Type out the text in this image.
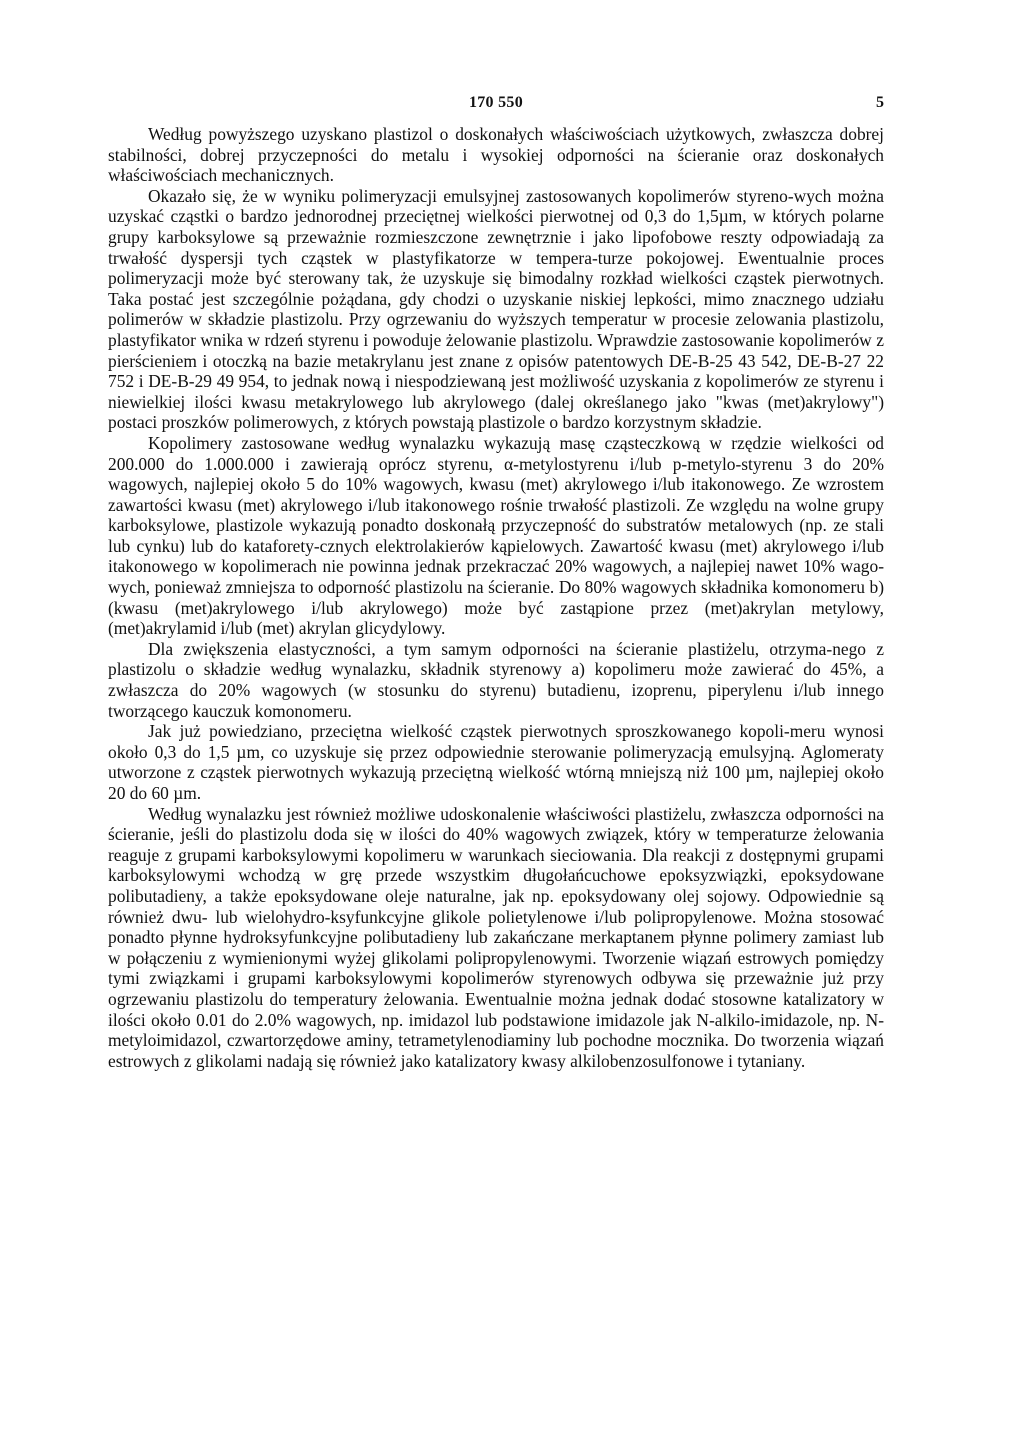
170 550	5

Według powyższego uzyskano plastizol o doskonałych właściwościach użytkowych, zwłaszcza dobrej stabilności, dobrej przyczepności do metalu i wysokiej odporności na ścieranie oraz doskonałych właściwościach mechanicznych.

Okazało się, że w wyniku polimeryzacji emulsyjnej zastosowanych kopolimerów styreno-wych można uzyskać cząstki o bardzo jednorodnej przeciętnej wielkości pierwotnej od 0,3 do 1,5µm, w których polarne grupy karboksylowe są przeważnie rozmieszczone zewnętrznie i jako lipofobowe reszty odpowiadają za trwałość dyspersji tych cząstek w plastyfikatorze w tempera-turze pokojowej. Ewentualnie proces polimeryzacji może być sterowany tak, że uzyskuje się bimodalny rozkład wielkości cząstek pierwotnych. Taka postać jest szczególnie pożądana, gdy chodzi o uzyskanie niskiej lepkości, mimo znacznego udziału polimerów w składzie plastizolu. Przy ogrzewaniu do wyższych temperatur w procesie zelowania plastizolu, plastyfikator wnika w rdzeń styrenu i powoduje żelowanie plastizolu. Wprawdzie zastosowanie kopolimerów z pierścieniem i otoczką na bazie metakrylanu jest znane z opisów patentowych DE-B-25 43 542, DE-B-27 22 752 i DE-B-29 49 954, to jednak nową i niespodziewaną jest możliwość uzyskania z kopolimerów ze styrenu i niewielkiej ilości kwasu metakrylowego lub akrylowego (dalej określanego jako "kwas (met)akrylowy") postaci proszków polimerowych, z których powstają plastizole o bardzo korzystnym składzie.

Kopolimery zastosowane według wynalazku wykazują masę cząsteczkową w rzędzie wielkości od 200.000 do 1.000.000 i zawierają oprócz styrenu, α-metylostyrenu i/lub p-metylo-styrenu 3 do 20% wagowych, najlepiej około 5 do 10% wagowych, kwasu (met) akrylowego i/lub itakonowego. Ze wzrostem zawartości kwasu (met) akrylowego i/lub itakonowego rośnie trwałość plastizoli. Ze względu na wolne grupy karboksylowe, plastizole wykazują ponadto doskonałą przyczepność do substratów metalowych (np. ze stali lub cynku) lub do kataforety-cznych elektrolakierów kąpielowych. Zawartość kwasu (met) akrylowego i/lub itakonowego w kopolimerach nie powinna jednak przekraczać 20% wagowych, a najlepiej nawet 10% wago-wych, ponieważ zmniejsza to odporność plastizolu na ścieranie. Do 80% wagowych składnika komonomeru b) (kwasu (met)akrylowego i/lub akrylowego) może być zastąpione przez (met)akrylan metylowy, (met)akrylamid i/lub (met) akrylan glicydylowy.

Dla zwiększenia elastyczności, a tym samym odporności na ścieranie plastiżelu, otrzyma-nego z plastizolu o składzie według wynalazku, składnik styrenowy a) kopolimeru może zawierać do 45%, a zwłaszcza do 20% wagowych (w stosunku do styrenu) butadienu, izoprenu, piperylenu i/lub innego tworzącego kauczuk komonomeru.

Jak już powiedziano, przeciętna wielkość cząstek pierwotnych sproszkowanego kopoli-meru wynosi około 0,3 do 1,5 µm, co uzyskuje się przez odpowiednie sterowanie polimeryzacją emulsyjną. Aglomeraty utworzone z cząstek pierwotnych wykazują przeciętną wielkość wtórną mniejszą niż 100 µm, najlepiej około 20 do 60 µm.

Według wynalazku jest również możliwe udoskonalenie właściwości plastiżelu, zwłaszcza odporności na ścieranie, jeśli do plastizolu doda się w ilości do 40% wagowych związek, który w temperaturze żelowania reaguje z grupami karboksylowymi kopolimeru w warunkach sieciowania. Dla reakcji z dostępnymi grupami karboksylowymi wchodzą w grę przede wszystkim długołańcuchowe epoksyzwiązki, epoksydowane polibutadieny, a także epoksydowane oleje naturalne, jak np. epoksydowany olej sojowy. Odpowiednie są również dwu- lub wielohydro-ksyfunkcyjne glikole polietylenowe i/lub polipropylenowe. Można stosować ponadto płynne hydroksyfunkcyjne polibutadieny lub zakańczane merkaptanem płynne polimery zamiast lub w połączeniu z wymienionymi wyżej glikolami polipropylenowymi. Tworzenie wiązań estrowych pomiędzy tymi związkami i grupami karboksylowymi kopolimerów styrenowych odbywa się przeważnie już przy ogrzewaniu plastizolu do temperatury żelowania. Ewentualnie można jednak dodać stosowne katalizatory w ilości około 0.01 do 2.0% wagowych, np. imidazol lub podstawione imidazole jak N-alkilo-imidazole, np. N-metyloimidazol, czwartorzędowe aminy, tetrametylenodiaminy lub pochodne mocznika. Do tworzenia wiązań estrowych z glikolami nadają się również jako katalizatory kwasy alkilobenzosulfonowe i tytaniany.
